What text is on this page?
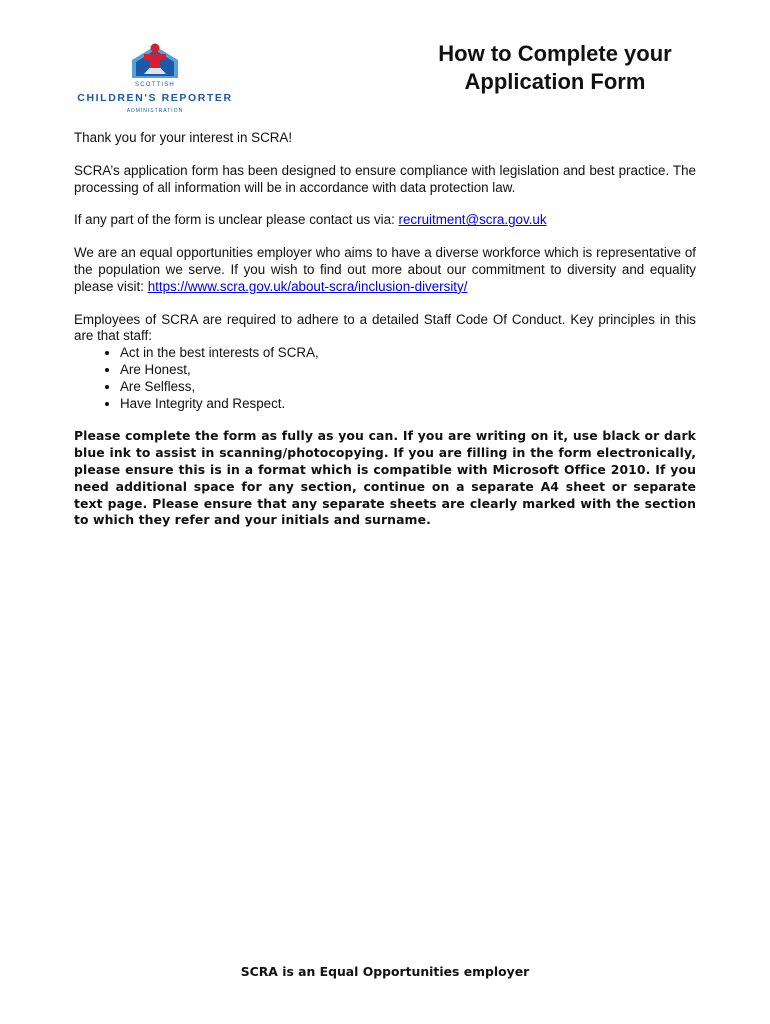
SCOTTISH
CHILDREN'S REPORTER
ADMINISTRATION
How to Complete your
Application Form

Thank you for your interest in SCRA!

SCRA’s application form has been designed to ensure compliance with legislation and best practice. The processing of all information will be in accordance with data protection law.

If any part of the form is unclear please contact us via: recruitment@scra.gov.uk

We are an equal opportunities employer who aims to have a diverse workforce which is representative of the population we serve. If you wish to find out more about our commitment to diversity and equality please visit: https://www.scra.gov.uk/about-scra/inclusion-diversity/

Employees of SCRA are required to adhere to a detailed Staff Code Of Conduct. Key principles in this are that staff:

• Act in the best interests of SCRA,
• Are Honest,
• Are Selfless,
• Have Integrity and Respect.

Please complete the form as fully as you can. If you are writing on it, use black or dark blue ink to assist in scanning/photocopying. If you are filling in the form electronically, please ensure this is in a format which is compatible with Microsoft Office 2010. If you need additional space for any section, continue on a separate A4 sheet or separate text page. Please ensure that any separate sheets are clearly marked with the section to which they refer and your initials and surname.

SCRA is an Equal Opportunities employer
